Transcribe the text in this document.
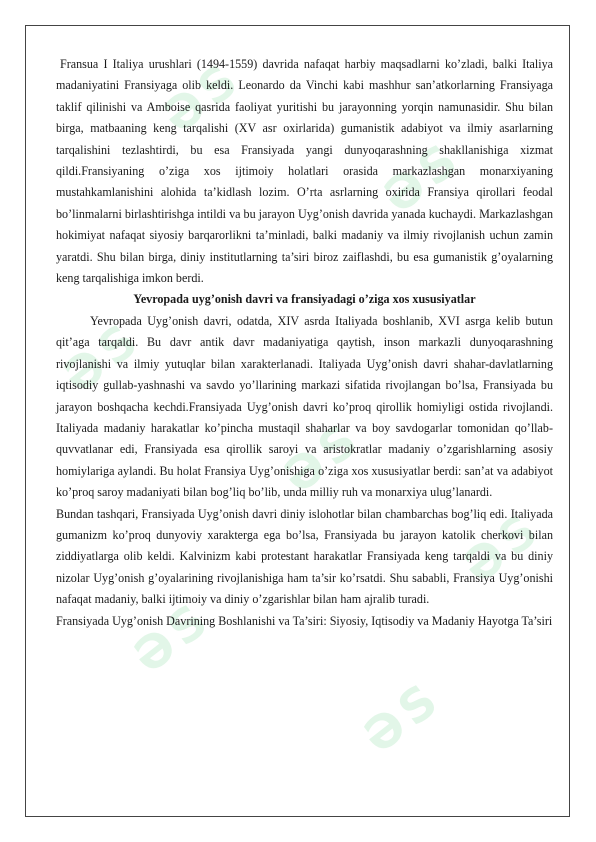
ƏS
ƏS
ƏS
ƏS
ƏS
ƏS
ƏS

Fransua I Italiya urushlari (1494-1559) davrida nafaqat harbiy maqsadlarni ko’zladi, balki Italiya madaniyatini Fransiyaga olib keldi. Leonardo da Vinchi kabi mashhur san’atkorlarning Fransiyaga taklif qilinishi va Amboise qasrida faoliyat yuritishi bu jarayonning yorqin namunasidir. Shu bilan birga, matbaaning keng tarqalishi (XV asr oxirlarida) gumanistik adabiyot va ilmiy asarlarning tarqalishini tezlashtirdi, bu esa Fransiyada yangi dunyoqarashning shakllanishiga xizmat qildi.Fransiyaning o’ziga xos ijtimoiy holatlari orasida markazlashgan monarxiyaning mustahkamlanishini alohida ta’kidlash lozim. O’rta asrlarning oxirida Fransiya qirollari feodal bo’linmalarni birlashtirishga intildi va bu jarayon Uyg’onish davrida yanada kuchaydi. Markazlashgan hokimiyat nafaqat siyosiy barqarorlikni ta’minladi, balki madaniy va ilmiy rivojlanish uchun zamin yaratdi. Shu bilan birga, diniy institutlarning ta’siri biroz zaiflashdi, bu esa gumanistik g’oyalarning keng tarqalishiga imkon berdi.

Yevropada uyg’onish davri va fransiyadagi o’ziga xos xususiyatlar

Yevropada Uyg’onish davri, odatda, XIV asrda Italiyada boshlanib, XVI asrga kelib butun qit’aga tarqaldi. Bu davr antik davr madaniyatiga qaytish, inson markazli dunyoqarashning rivojlanishi va ilmiy yutuqlar bilan xarakterlanadi. Italiyada Uyg’onish davri shahar-davlatlarning iqtisodiy gullab-yashnashi va savdo yo’llarining markazi sifatida rivojlangan bo’lsa, Fransiyada bu jarayon boshqacha kechdi.Fransiyada Uyg’onish davri ko’proq qirollik homiyligi ostida rivojlandi. Italiyada madaniy harakatlar ko’pincha mustaqil shaharlar va boy savdogarlar tomonidan qo’llab-quvvatlanar edi, Fransiyada esa qirollik saroyi va aristokratlar madaniy o’zgarishlarning asosiy homiylariga aylandi. Bu holat Fransiya Uyg’onishiga o’ziga xos xususiyatlar berdi: san’at va adabiyot ko’proq saroy madaniyati bilan bog’liq bo’lib, unda milliy ruh va monarxiya ulug’lanardi.

Bundan tashqari, Fransiyada Uyg’onish davri diniy islohotlar bilan chambarchas bog’liq edi. Italiyada gumanizm ko’proq dunyoviy xarakterga ega bo’lsa, Fransiyada bu jarayon katolik cherkovi bilan ziddiyatlarga olib keldi. Kalvinizm kabi protestant harakatlar Fransiyada keng tarqaldi va bu diniy nizolar Uyg’onish g’oyalarining rivojlanishiga ham ta’sir ko’rsatdi. Shu sababli, Fransiya Uyg’onishi nafaqat madaniy, balki ijtimoiy va diniy o’zgarishlar bilan ham ajralib turadi.

Fransiyada Uyg’onish Davrining Boshlanishi va Ta’siri: Siyosiy, Iqtisodiy va Madaniy Hayotga Ta’siri
